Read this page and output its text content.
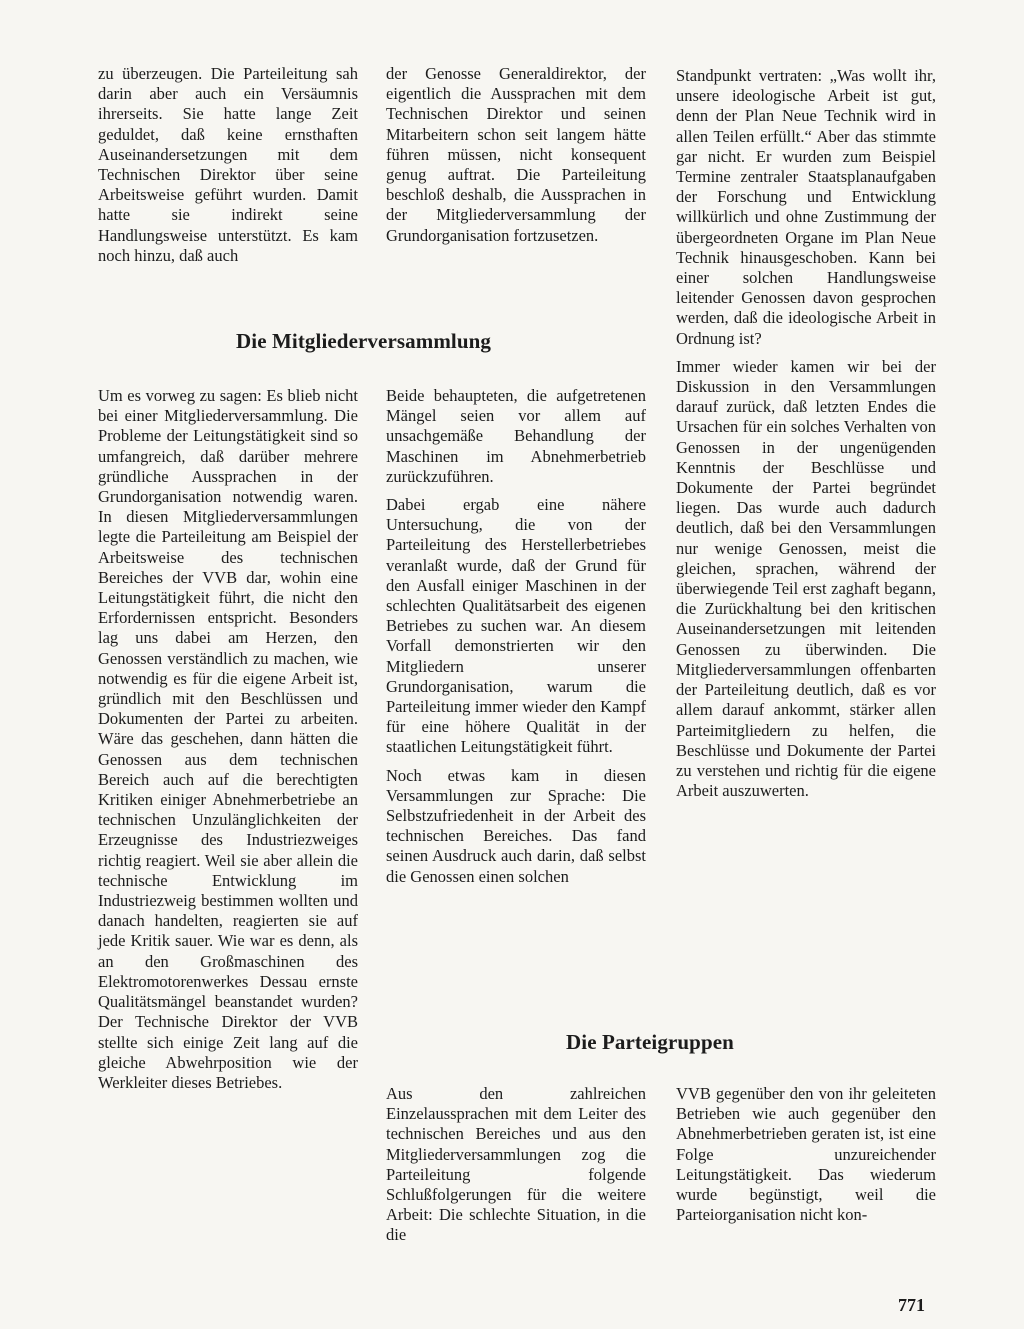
zu überzeugen. Die Parteileitung sah darin aber auch ein Versäumnis ihrerseits. Sie hatte lange Zeit geduldet, daß keine ernsthaften Auseinandersetzungen mit dem Technischen Direktor über seine Arbeitsweise geführt wurden. Damit hatte sie indirekt seine Handlungsweise unterstützt. Es kam noch hinzu, daß auch

der Genosse Generaldirektor, der eigentlich die Aussprachen mit dem Technischen Direktor und seinen Mitarbeitern schon seit langem hätte führen müssen, nicht konsequent genug auftrat. Die Parteileitung beschloß deshalb, die Aussprachen in der Mitgliederversammlung der Grundorganisation fortzusetzen.

Die Mitgliederversammlung

Um es vorweg zu sagen: Es blieb nicht bei einer Mitgliederversammlung. Die Probleme der Leitungstätigkeit sind so umfangreich, daß darüber mehrere gründliche Aussprachen in der Grundorganisation notwendig waren. In diesen Mitgliederversammlungen legte die Parteileitung am Beispiel der Arbeitsweise des technischen Bereiches der VVB dar, wohin eine Leitungstätigkeit führt, die nicht den Erfordernissen entspricht. Besonders lag uns dabei am Herzen, den Genossen verständlich zu machen, wie notwendig es für die eigene Arbeit ist, gründlich mit den Beschlüssen und Dokumenten der Partei zu arbeiten. Wäre das geschehen, dann hätten die Genossen aus dem technischen Bereich auch auf die berechtigten Kritiken einiger Abnehmerbetriebe an technischen Unzulänglichkeiten der Erzeugnisse des Industriezweiges richtig reagiert. Weil sie aber allein die technische Entwicklung im Industriezweig bestimmen wollten und danach handelten, reagierten sie auf jede Kritik sauer. Wie war es denn, als an den Großmaschinen des Elektromotorenwerkes Dessau ernste Qualitätsmängel beanstandet wurden? Der Technische Direktor der VVB stellte sich einige Zeit lang auf die gleiche Abwehrposition wie der Werkleiter dieses Betriebes.

Beide behaupteten, die aufgetretenen Mängel seien vor allem auf unsachgemäße Behandlung der Maschinen im Abnehmerbetrieb zurückzuführen.

Dabei ergab eine nähere Untersuchung, die von der Parteileitung des Herstellerbetriebes veranlaßt wurde, daß der Grund für den Ausfall einiger Maschinen in der schlechten Qualitätsarbeit des eigenen Betriebes zu suchen war. An diesem Vorfall demonstrierten wir den Mitgliedern unserer Grundorganisation, warum die Parteileitung immer wieder den Kampf für eine höhere Qualität in der staatlichen Leitungstätigkeit führt.

Noch etwas kam in diesen Versammlungen zur Sprache: Die Selbstzufriedenheit in der Arbeit des technischen Bereiches. Das fand seinen Ausdruck auch darin, daß selbst die Genossen einen solchen

Standpunkt vertraten: „Was wollt ihr, unsere ideologische Arbeit ist gut, denn der Plan Neue Technik wird in allen Teilen erfüllt.“ Aber das stimmte gar nicht. Er wurden zum Beispiel Termine zentraler Staatsplanaufgaben der Forschung und Entwicklung willkürlich und ohne Zustimmung der übergeordneten Organe im Plan Neue Technik hinausgeschoben. Kann bei einer solchen Handlungsweise leitender Genossen davon gesprochen werden, daß die ideologische Arbeit in Ordnung ist?

Immer wieder kamen wir bei der Diskussion in den Versammlungen darauf zurück, daß letzten Endes die Ursachen für ein solches Verhalten von Genossen in der ungenügenden Kenntnis der Beschlüsse und Dokumente der Partei begründet liegen. Das wurde auch dadurch deutlich, daß bei den Versammlungen nur wenige Genossen, meist die gleichen, sprachen, während der überwiegende Teil erst zaghaft begann, die Zurückhaltung bei den kritischen Auseinandersetzungen mit leitenden Genossen zu überwinden. Die Mitgliederversammlungen offenbarten der Parteileitung deutlich, daß es vor allem darauf ankommt, stärker allen Parteimitgliedern zu helfen, die Beschlüsse und Dokumente der Partei zu verstehen und richtig für die eigene Arbeit auszuwerten.

Die Parteigruppen

Aus den zahlreichen Einzelaussprachen mit dem Leiter des technischen Bereiches und aus den Mitgliederversammlungen zog die Parteileitung folgende Schlußfolgerungen für die weitere Arbeit: Die schlechte Situation, in die die

VVB gegenüber den von ihr geleiteten Betrieben wie auch gegenüber den Abnehmerbetrieben geraten ist, ist eine Folge unzureichender Leitungstätigkeit. Das wiederum wurde begünstigt, weil die Parteiorganisation nicht kon-

771
